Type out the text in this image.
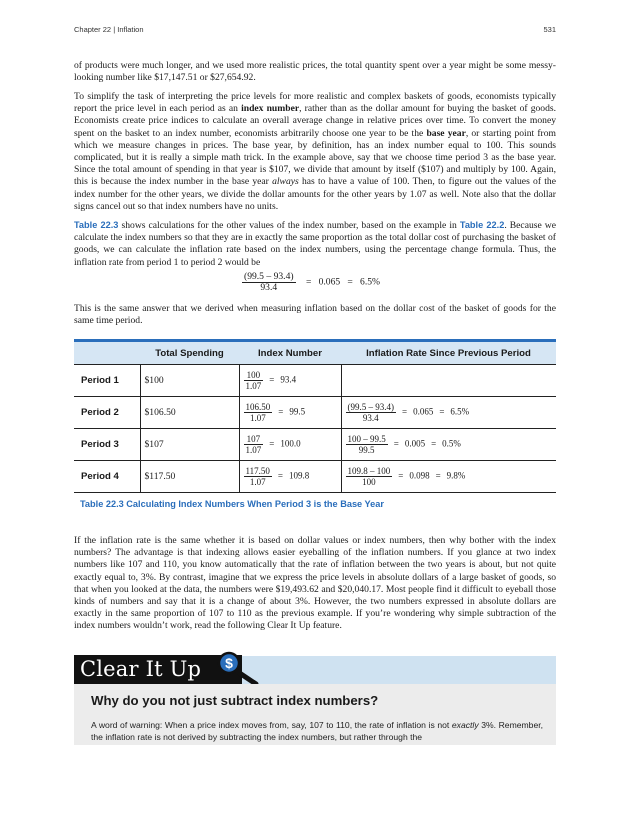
Chapter 22 | Inflation	531
of products were much longer, and we used more realistic prices, the total quantity spent over a year might be some messy-looking number like $17,147.51 or $27,654.92.
To simplify the task of interpreting the price levels for more realistic and complex baskets of goods, economists typically report the price level in each period as an index number, rather than as the dollar amount for buying the basket of goods. Economists create price indices to calculate an overall average change in relative prices over time. To convert the money spent on the basket to an index number, economists arbitrarily choose one year to be the base year, or starting point from which we measure changes in prices. The base year, by definition, has an index number equal to 100. This sounds complicated, but it is really a simple math trick. In the example above, say that we choose time period 3 as the base year. Since the total amount of spending in that year is $107, we divide that amount by itself ($107) and multiply by 100. Again, this is because the index number in the base year always has to have a value of 100. Then, to figure out the values of the index number for the other years, we divide the dollar amounts for the other years by 1.07 as well. Note also that the dollar signs cancel out so that index numbers have no units.
Table 22.3 shows calculations for the other values of the index number, based on the example in Table 22.2. Because we calculate the index numbers so that they are in exactly the same proportion as the total dollar cost of purchasing the basket of goods, we can calculate the inflation rate based on the index numbers, using the percentage change formula. Thus, the inflation rate from period 1 to period 2 would be
$\frac{(99.5 - 93.4)}{93.4} = 0.065 = 6.5\%$
This is the same answer that we derived when measuring inflation based on the dollar cost of the basket of goods for the same time period.
	Total Spending	Index Number	Inflation Rate Since Previous Period
Period 1	$100	$\frac{100}{1.07} = 93.4$	
Period 2	$106.50	$\frac{106.50}{1.07} = 99.5$	$\frac{(99.5 - 93.4)}{93.4} = 0.065 = 6.5\%$
Period 3	$107	$\frac{107}{1.07} = 100.0$	$\frac{100 - 99.5}{99.5} = 0.005 = 0.5\%$
Period 4	$117.50	$\frac{117.50}{1.07} = 109.8$	$\frac{109.8 - 100}{100} = 0.098 = 9.8\%$
Table 22.3 Calculating Index Numbers When Period 3 is the Base Year
If the inflation rate is the same whether it is based on dollar values or index numbers, then why bother with the index numbers? The advantage is that indexing allows easier eyeballing of the inflation numbers. If you glance at two index numbers like 107 and 110, you know automatically that the rate of inflation between the two years is about, but not quite exactly equal to, 3%. By contrast, imagine that we express the price levels in absolute dollars of a large basket of goods, so that when you looked at the data, the numbers were $19,493.62 and $20,040.17. Most people find it difficult to eyeball those kinds of numbers and say that it is a change of about 3%. However, the two numbers expressed in absolute dollars are exactly in the same proportion of 107 to 110 as the previous example. If you’re wondering why simple subtraction of the index numbers wouldn’t work, read the following Clear It Up feature.
Clear It Up	$
Why do you not just subtract index numbers?
A word of warning: When a price index moves from, say, 107 to 110, the rate of inflation is not exactly 3%. Remember, the inflation rate is not derived by subtracting the index numbers, but rather through the
